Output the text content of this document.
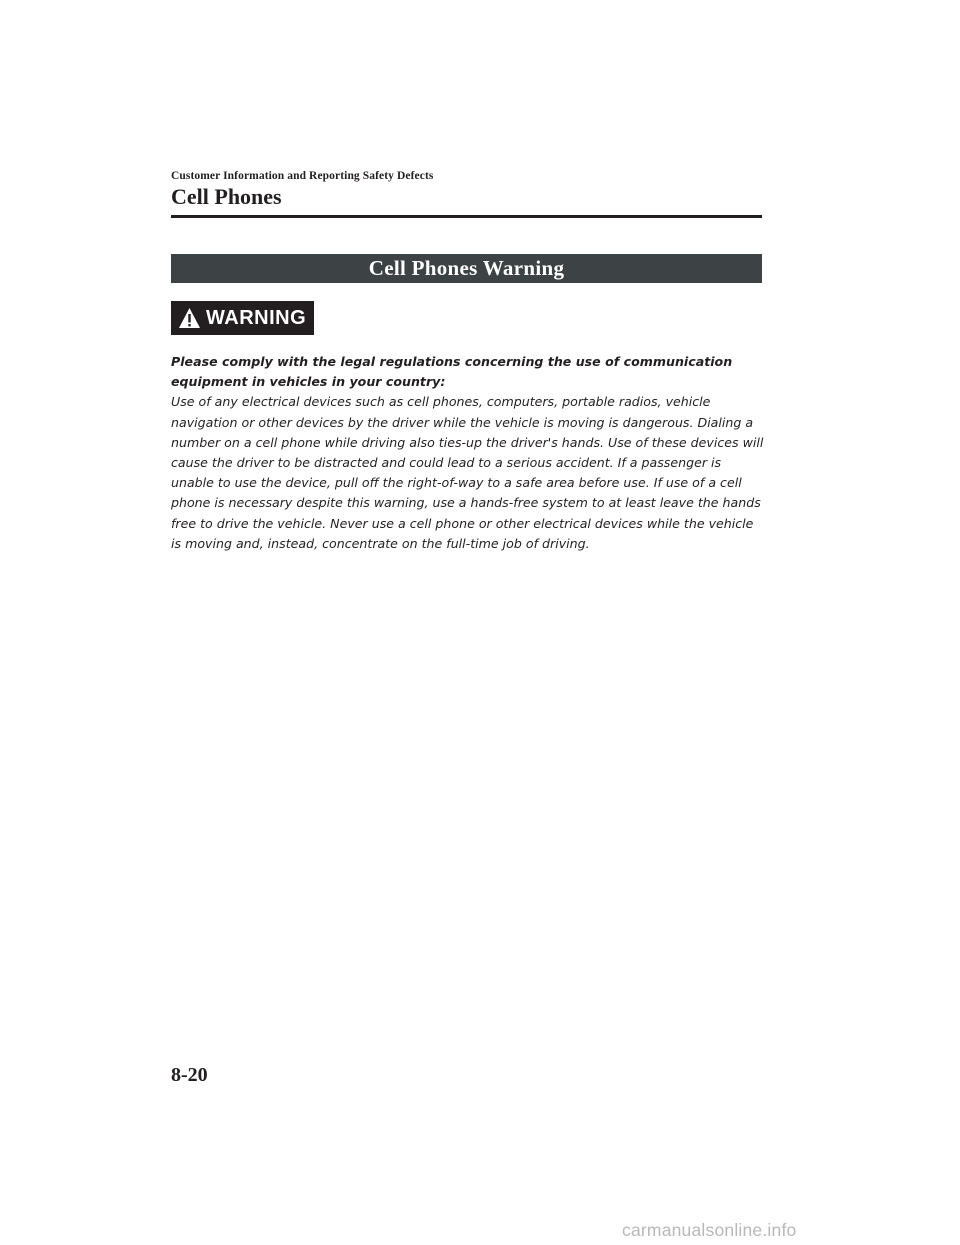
Customer Information and Reporting Safety Defects
Cell Phones
Cell Phones Warning
WARNING
Please comply with the legal regulations concerning the use of communication equipment in vehicles in your country:
Use of any electrical devices such as cell phones, computers, portable radios, vehicle navigation or other devices by the driver while the vehicle is moving is dangerous. Dialing a number on a cell phone while driving also ties-up the driver's hands. Use of these devices will cause the driver to be distracted and could lead to a serious accident. If a passenger is unable to use the device, pull off the right-of-way to a safe area before use. If use of a cell phone is necessary despite this warning, use a hands-free system to at least leave the hands free to drive the vehicle. Never use a cell phone or other electrical devices while the vehicle is moving and, instead, concentrate on the full-time job of driving.
8-20
carmanualsonline.info
